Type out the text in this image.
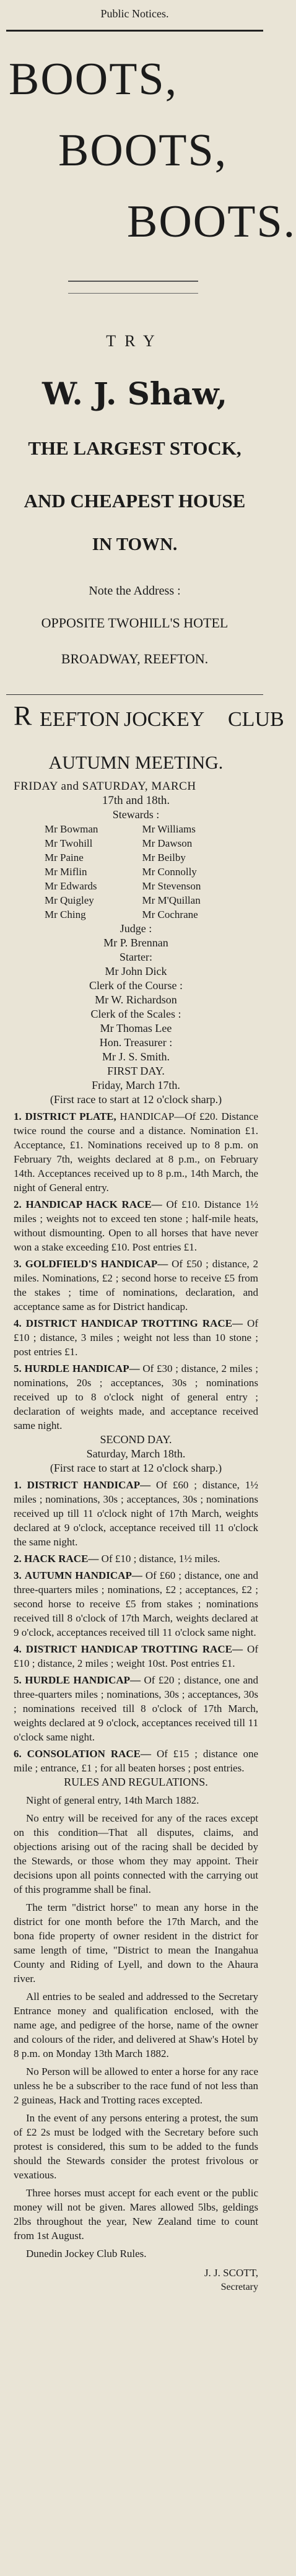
Public Notices.
BOOTS,
BOOTS,
BOOTS.
TRY
W. J. Shaw,
THE LARGEST STOCK,
AND CHEAPEST HOUSE
IN TOWN.
Note the Address :
OPPOSITE TWOHILL'S HOTEL
BROADWAY, REEFTON.
R EEFTON JOCKEY CLUB
AUTUMN MEETING.
FRIDAY and SATURDAY, MARCH
17th and 18th.
Stewards :
Mr Bowman	Mr Williams
Mr Twohill	Mr Dawson
Mr Paine	Mr Beilby
Mr Miflin	Mr Connolly
Mr Edwards	Mr Stevenson
Mr Quigley	Mr M'Quillan
Mr Ching	Mr Cochrane
Judge :
Mr P. Brennan
Starter:
Mr John Dick
Clerk of the Course :
Mr W. Richardson
Clerk of the Scales :
Mr Thomas Lee
Hon. Treasurer :
Mr J. S. Smith.
FIRST DAY.
Friday, March 17th.
(First race to start at 12 o'clock sharp.)
1. DISTRICT PLATE, HANDICAP—Of £20. Distance twice round the course and a distance. Nomination £1. Acceptance, £1. Nominations received up to 8 p.m. on February 7th, weights declared at 8 p.m., on February 14th. Acceptances received up to 8 p.m., 14th March, the night of General entry.
2. HANDICAP HACK RACE— Of £10. Distance 1½ miles ; weights not to exceed ten stone ; half-mile heats, without dismounting. Open to all horses that have never won a stake exceeding £10. Post entries £1.
3. GOLDFIELD'S HANDICAP— Of £50 ; distance, 2 miles. Nominations, £2 ; second horse to receive £5 from the stakes ; time of nominations, declaration, and acceptance same as for District handicap.
4. DISTRICT HANDICAP TROTTING RACE— Of £10 ; distance, 3 miles ; weight not less than 10 stone ; post entries £1.
5. HURDLE HANDICAP— Of £30 ; distance, 2 miles ; nominations, 20s ; acceptances, 30s ; nominations received up to 8 o'clock night of general entry ; declaration of weights made, and acceptance received same night.
SECOND DAY.
Saturday, March 18th.
(First race to start at 12 o'clock sharp.)
1. DISTRICT HANDICAP— Of £60 ; distance, 1½ miles ; nominations, 30s ; acceptances, 30s ; nominations received up till 11 o'clock night of 17th March, weights declared at 9 o'clock, acceptance received till 11 o'clock the same night.
2. HACK RACE— Of £10 ; distance, 1½ miles.
3. AUTUMN HANDICAP— Of £60 ; distance, one and three-quarters miles ; nominations, £2 ; acceptances, £2 ; second horse to receive £5 from stakes ; nominations received till 8 o'clock of 17th March, weights declared at 9 o'clock, acceptances received till 11 o'clock same night.
4. DISTRICT HANDICAP TROTTING RACE— Of £10 ; distance, 2 miles ; weight 10st. Post entries £1.
5. HURDLE HANDICAP— Of £20 ; distance, one and three-quarters miles ; nominations, 30s ; acceptances, 30s ; nominations received till 8 o'clock of 17th March, weights declared at 9 o'clock, acceptances received till 11 o'clock same night.
6. CONSOLATION RACE— Of £15 ; distance one mile ; entrance, £1 ; for all beaten horses ; post entries.
RULES AND REGULATIONS.
Night of general entry, 14th March 1882.
No entry will be received for any of the races except on this condition—That all disputes, claims, and objections arising out of the racing shall be decided by the Stewards, or those whom they may appoint. Their decisions upon all points connected with the carrying out of this programme shall be final.
The term "district horse" to mean any horse in the district for one month before the 17th March, and the bona fide property of owner resident in the district for same length of time, "District to mean the Inangahua County and Riding of Lyell, and down to the Ahaura river.
All entries to be sealed and addressed to the Secretary Entrance money and qualification enclosed, with the name age, and pedigree of the horse, name of the owner and colours of the rider, and delivered at Shaw's Hotel by 8 p.m. on Monday 13th March 1882.
No Person will be allowed to enter a horse for any race unless he be a subscriber to the race fund of not less than 2 guineas, Hack and Trotting races excepted.
In the event of any persons entering a protest, the sum of £2 2s must be lodged with the Secretary before such protest is considered, this sum to be added to the funds should the Stewards consider the protest frivolous or vexatious.
Three horses must accept for each event or the public money will not be given. Mares allowed 5lbs, geldings 2lbs throughout the year, New Zealand time to count from 1st August.
Dunedin Jockey Club Rules.
J. J. SCOTT,
Secretary
